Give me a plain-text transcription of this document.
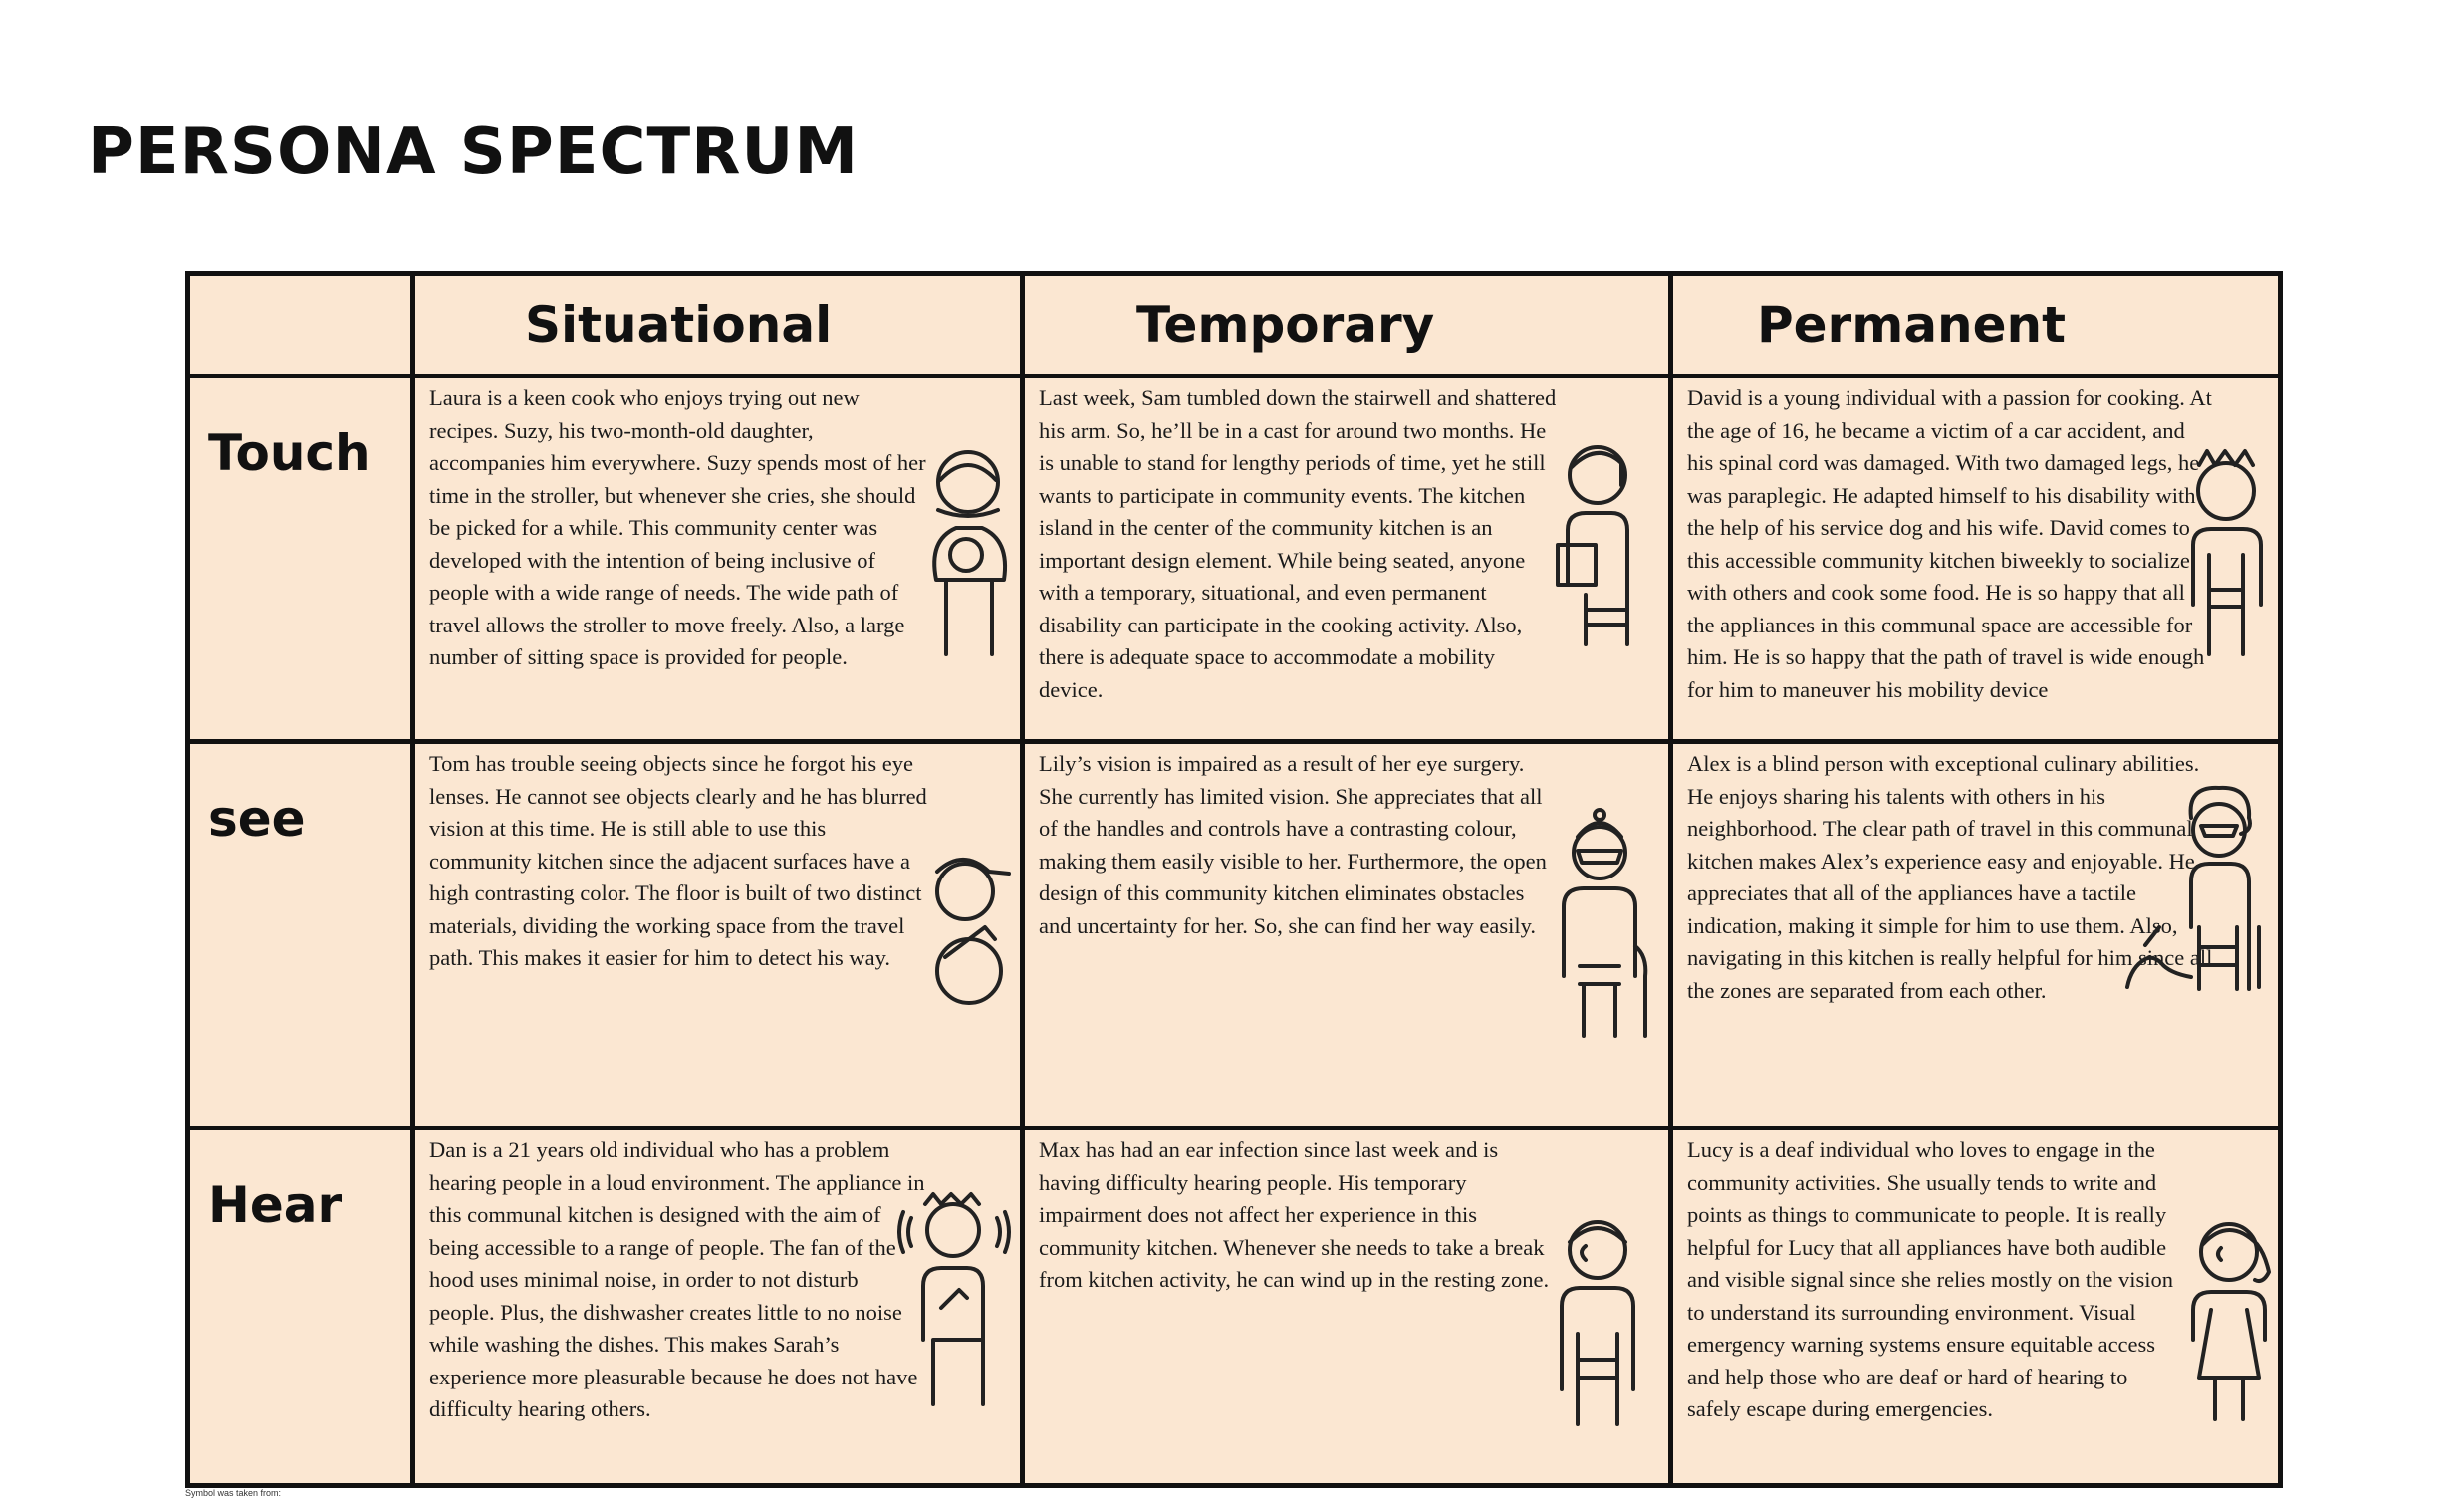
PERSONA SPECTRUM
Situational	Temporary	Permanent
Touch

Laura is a keen cook who enjoys trying out new recipes. Suzy, his two-month-old daughter, accompanies him everywhere. Suzy spends most of her time in the stroller, but whenever she cries, she should be picked for a while. This community center was developed with the intention of being inclusive of people with a wide range of needs. The wide path of travel allows the stroller to move freely. Also, a large number of sitting space is provided for people.

Last week, Sam tumbled down the stairwell and shattered his arm. So, he’ll be in a cast for around two months. He is unable to stand for lengthy periods of time, yet he still wants to participate in community events. The kitchen island in the center of the community kitchen is an important design element. While being seated, anyone with a temporary, situational, and even permanent disability can participate in the cooking activity. Also, there is adequate space to accommodate a mobility device.

David is a young individual with a passion for cooking. At the age of 16, he became a victim of a car accident, and his spinal cord was damaged. With two damaged legs, he was paraplegic. He adapted himself to his disability with the help of his service dog and his wife. David comes to this accessible community kitchen biweekly to socialize with others and cook some food. He is so happy that all the appliances in this communal space are accessible for him. He is so happy that the path of travel is wide enough for him to maneuver his mobility device

see

Tom has trouble seeing objects since he forgot his eye lenses. He cannot see objects clearly and he has blurred vision at this time. He is still able to use this community kitchen since the adjacent surfaces have a high contrasting color. The floor is built of two distinct materials, dividing the working space from the travel path. This makes it easier for him to detect his way.

Lily’s vision is impaired as a result of her eye surgery. She currently has limited vision. She appreciates that all of the handles and controls have a contrasting colour, making them easily visible to her. Furthermore, the open design of this community kitchen eliminates obstacles and uncertainty for her. So, she can find her way easily.

Alex is a blind person with exceptional culinary abilities. He enjoys sharing his talents with others in his neighborhood. The clear path of travel in this communal kitchen makes Alex’s experience easy and enjoyable. He appreciates that all of the appliances have a tactile indication, making it simple for him to use them. Also, navigating in this kitchen is really helpful for him since all the zones are separated from each other.

Hear

Dan is a 21 years old individual who has a problem hearing people in a loud environment. The appliance in this communal kitchen is designed with the aim of being accessible to a range of people. The fan of the hood uses minimal noise, in order to not disturb people. Plus, the dishwasher creates little to no noise while washing the dishes. This makes Sarah’s experience more pleasurable because he does not have difficulty hearing others.

Max has had an ear infection since last week and is having difficulty hearing people. His temporary impairment does not affect her experience in this community kitchen. Whenever she needs to take a break from kitchen activity, he can wind up in the resting zone.

Lucy is a deaf individual who loves to engage in the community activities. She usually tends to write and points as things to communicate to people. It is really helpful for Lucy that all appliances have both audible and visible signal since she relies mostly on the vision to understand its surrounding environment. Visual emergency warning systems ensure equitable access and help those who are deaf or hard of hearing to safely escape during emergencies.

Symbol was taken from:
